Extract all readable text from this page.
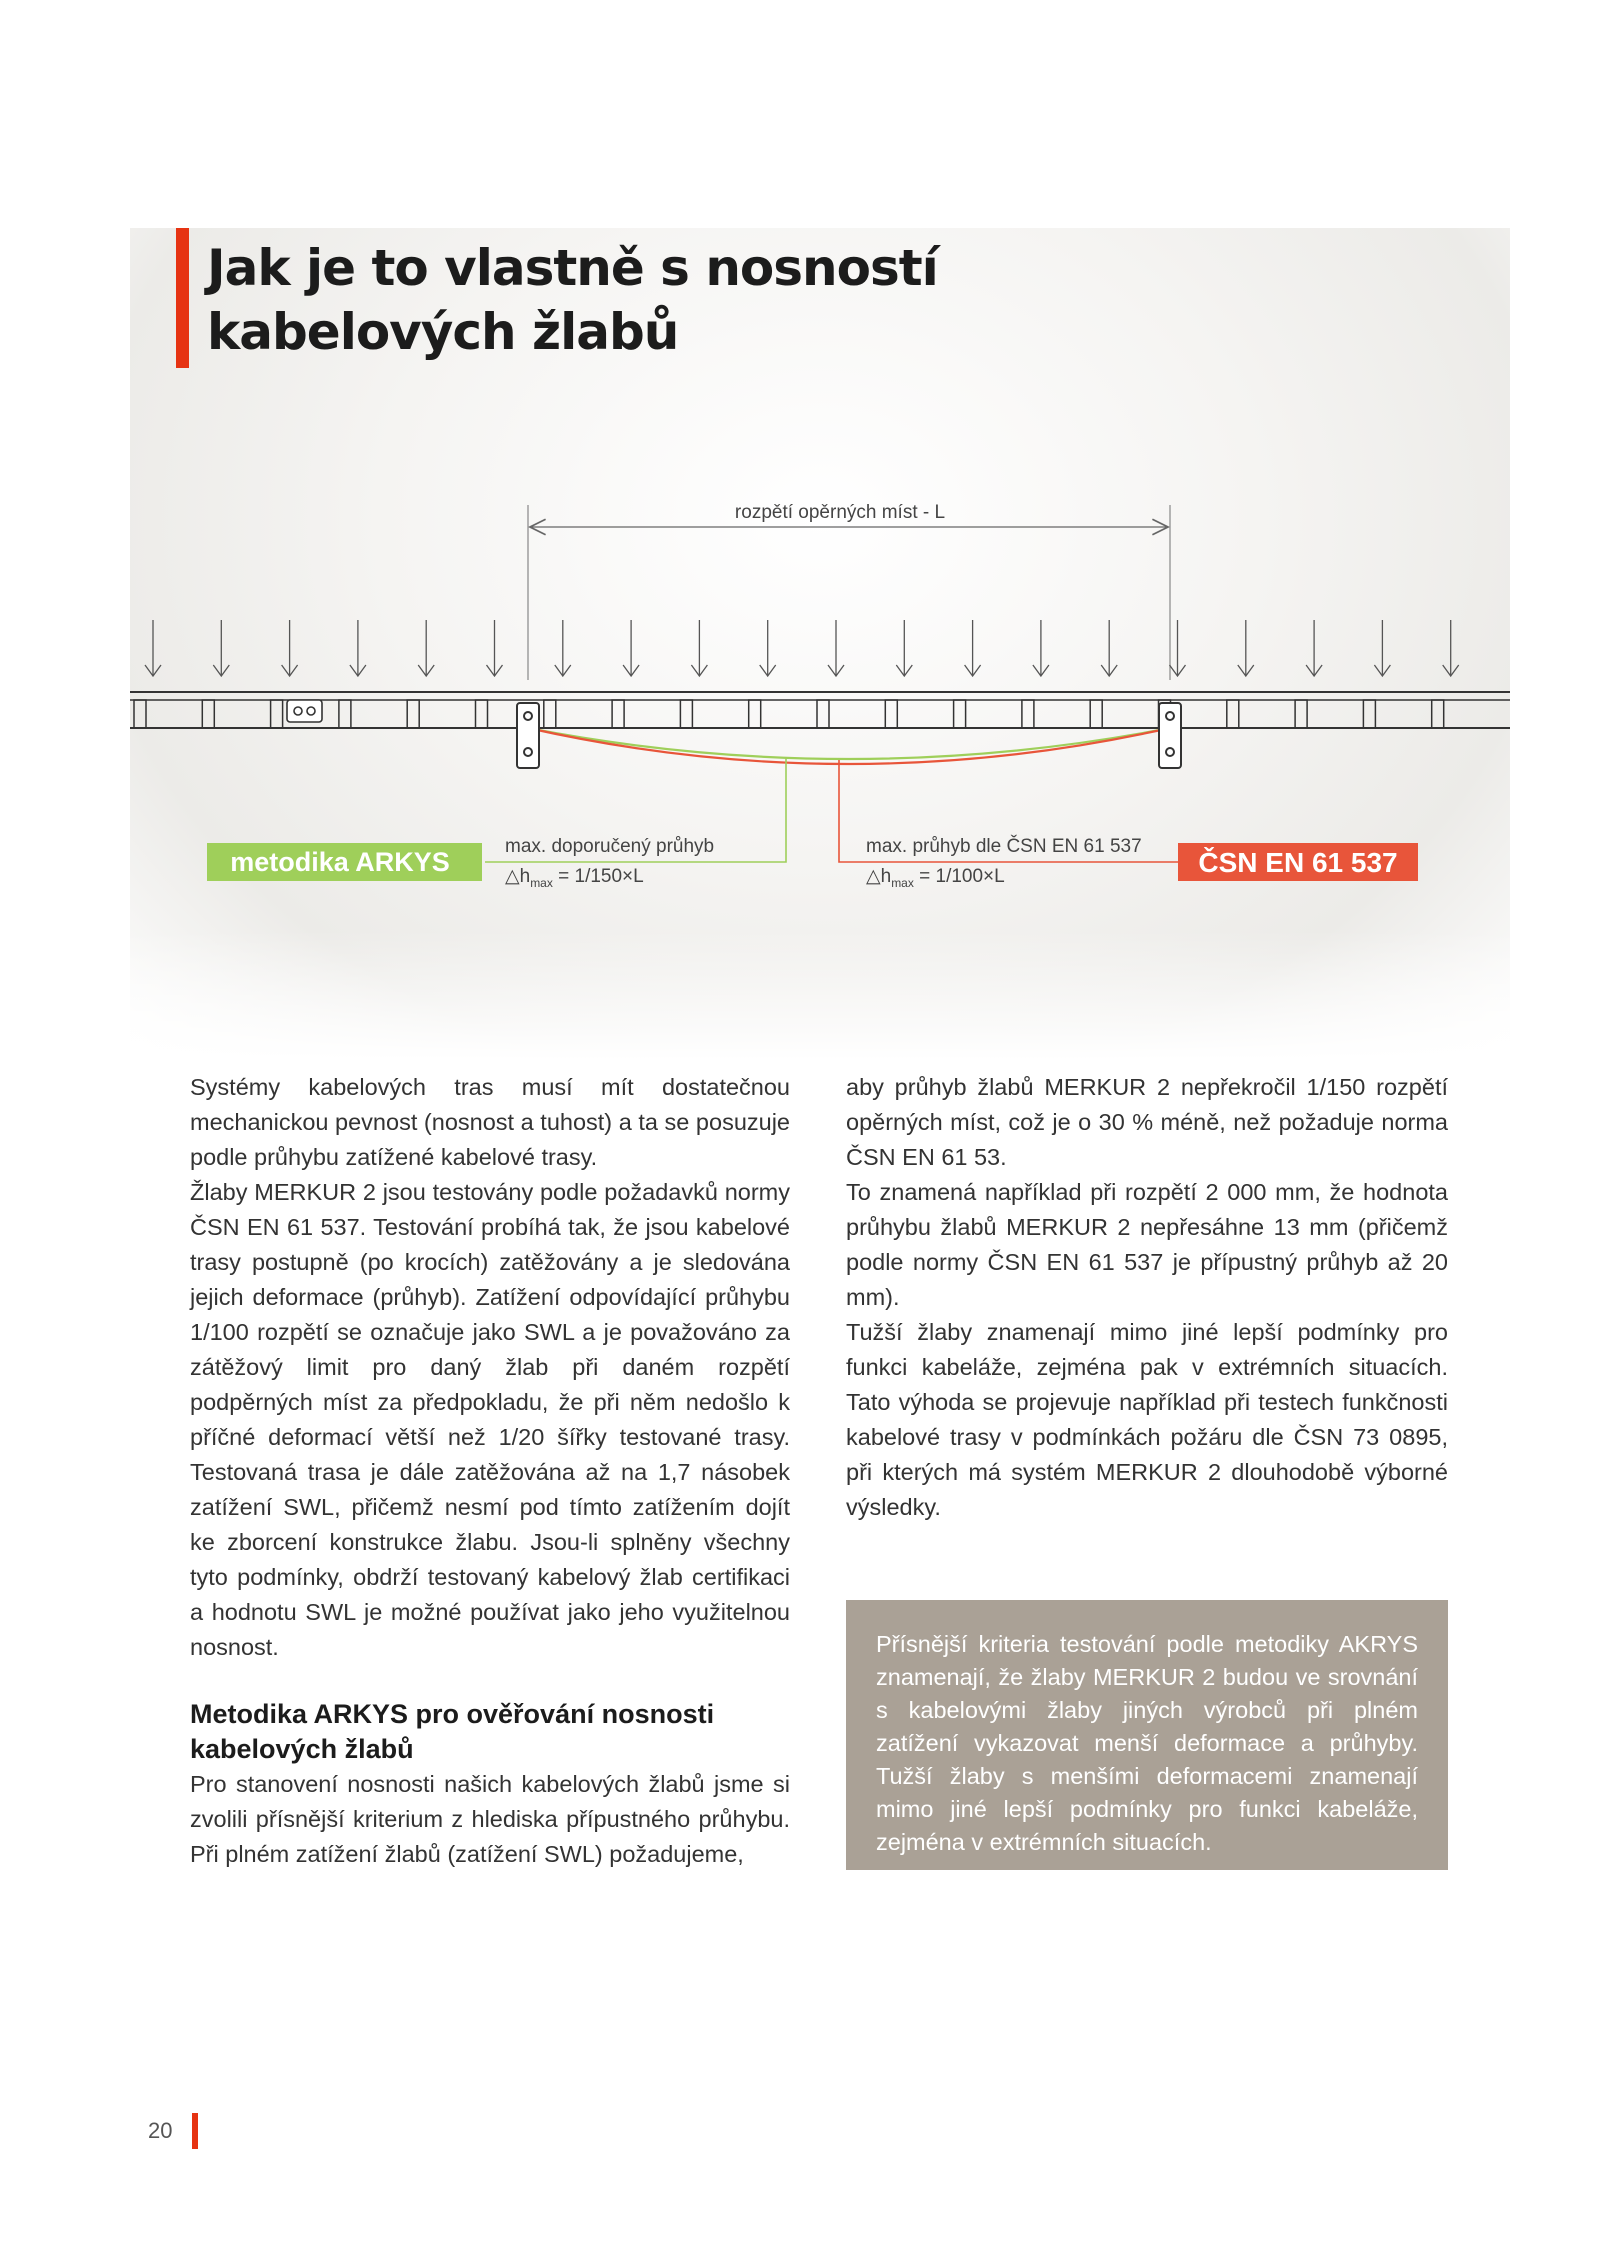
Jak je to vlastně s nosností
kabelových žlabů
rozpětí opěrných míst - L
metodika ARKYS
max. doporučený průhyb
$\triangle h_{max} = 1/150\times L$	ČSN EN 61 537
max. průhyb dle ČSN EN 61 537
$\triangle h_{max} = 1/100\times L$

Systémy kabelových tras musí mít dostatečnou mechanickou pevnost (nosnost a tuhost) a ta se posuzuje podle průhybu zatížené kabelové trasy.

Žlaby MERKUR 2 jsou testovány podle požadavků normy ČSN EN 61 537. Testování probíhá tak, že jsou kabelové trasy postupně (po krocích) zatěžovány a je sledována jejich deformace (průhyb). Zatížení odpovídající průhybu 1/100 rozpětí se označuje jako SWL a je považováno za zátěžový limit pro daný žlab při daném rozpětí podpěrných míst za předpokladu, že při něm nedošlo k příčné deformací větší než 1/20 šířky testované trasy. Testovaná trasa je dále zatěžována až na 1,7 násobek zatížení SWL, přičemž nesmí pod tímto zatížením dojít ke zborcení konstrukce žlabu. Jsou-li splněny všechny tyto podmínky, obdrží testovaný kabelový žlab certifikaci a hodnotu SWL je možné používat jako jeho využitelnou nosnost.

Metodika ARKYS pro ověřování nosnosti kabelových žlabů

Pro stanovení nosnosti našich kabelových žlabů jsme si zvolili přísnější kriterium z hlediska přípustného průhybu. Při plném zatížení žlabů (zatížení SWL) požadujeme,

aby průhyb žlabů MERKUR 2 nepřekročil 1/150 rozpětí opěrných míst, což je o 30 % méně, než požaduje norma ČSN EN 61 53.

To znamená například při rozpětí 2 000 mm, že hodnota průhybu žlabů MERKUR 2 nepřesáhne 13 mm (přičemž podle normy ČSN EN 61 537 je přípustný průhyb až 20 mm).

Tužší žlaby znamenají mimo jiné lepší podmínky pro funkci kabeláže, zejména pak v extrémních situacích. Tato výhoda se projevuje například při testech funkčnosti kabelové trasy v podmínkách požáru dle ČSN 73 0895, při kterých má systém MERKUR 2 dlouhodobě výborné výsledky.

Přísnější kriteria testování podle metodiky AKRYS znamenají, že žlaby MERKUR 2 budou ve srovnání s kabelovými žlaby jiných výrobců při plném zatížení vykazovat menší deformace a průhyby. Tužší žlaby s menšími deformacemi znamenají mimo jiné lepší podmínky pro funkci kabeláže, zejména v extrémních situacích.
20
